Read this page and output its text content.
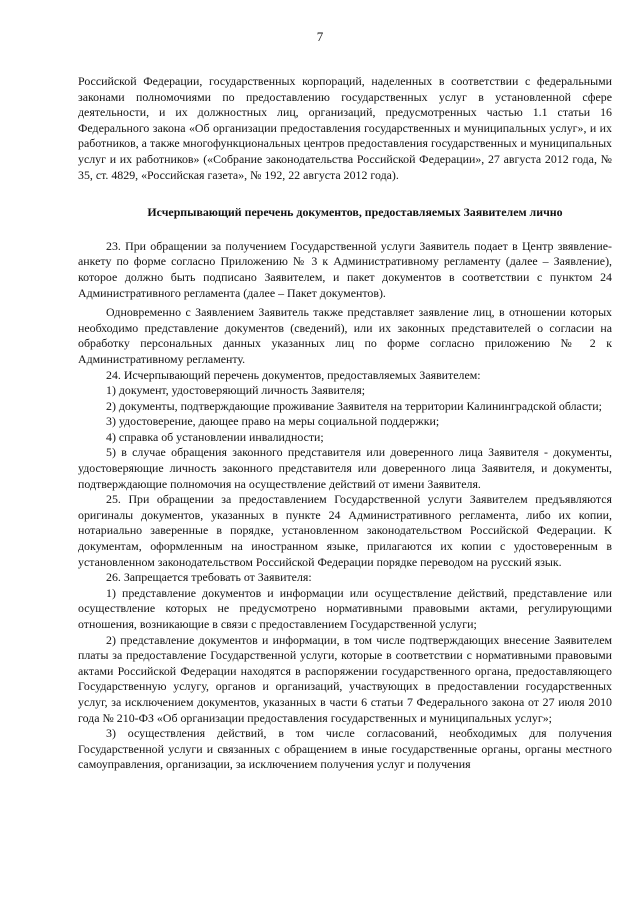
7

Российской Федерации, государственных корпораций, наделенных в соответствии с федеральными законами полномочиями по предоставлению государственных услуг в установленной сфере деятельности, и их должностных лиц, организаций, предусмотренных частью 1.1 статьи 16 Федерального закона «Об организации предоставления государственных и муниципальных услуг», и их работников, а также многофункциональных центров предоставления государственных и муниципальных услуг и их работников» («Собрание законодательства Российской Федерации», 27 августа 2012 года, № 35, ст. 4829, «Российская газета», № 192, 22 августа 2012 года).

Исчерпывающий перечень документов, предоставляемых Заявителем лично

23. При обращении за получением Государственной услуги Заявитель подает в Центр звявление-анкету по форме согласно Приложению № 3 к Административному регламенту (далее – Заявление), которое должно быть подписано Заявителем, и пакет документов в соответствии с пунктом 24 Административного регламента (далее – Пакет документов).

Одновременно с Заявлением Заявитель также представляет заявление лиц, в отношении которых необходимо представление документов (сведений), или их законных представителей о согласии на обработку персональных данных указанных лиц по форме согласно приложению № 2 к Административному регламенту.

24. Исчерпывающий перечень документов, предоставляемых Заявителем:

1) документ, удостоверяющий личность Заявителя;

2) документы, подтверждающие проживание Заявителя на территории Калининградской области;

3) удостоверение, дающее право на меры социальной поддержки;

4) справка об установлении инвалидности;

5) в случае обращения законного представителя или доверенного лица Заявителя - документы, удостоверяющие личность законного представителя или доверенного лица Заявителя, и документы, подтверждающие полномочия на осуществление действий от имени Заявителя.

25. При обращении за предоставлением Государственной услуги Заявителем предъявляются оригиналы документов, указанных в пункте 24 Административного регламента, либо их копии, нотариально заверенные в порядке, установленном законодательством Российской Федерации. К документам, оформленным на иностранном языке, прилагаются их копии с удостоверенным в установленном законодательством Российской Федерации порядке переводом на русский язык.

26. Запрещается требовать от Заявителя:

1) представление документов и информации или осуществление действий, представление или осуществление которых не предусмотрено нормативными правовыми актами, регулирующими отношения, возникающие в связи с предоставлением Государственной услуги;

2) представление документов и информации, в том числе подтверждающих внесение Заявителем платы за предоставление Государственной услуги, которые в соответствии с нормативными правовыми актами Российской Федерации находятся в распоряжении государственного органа, предоставляющего Государственную услугу, органов и организаций, участвующих в предоставлении государственных услуг, за исключением документов, указанных в части 6 статьи 7 Федерального закона от 27 июля 2010 года № 210-ФЗ «Об организации предоставления государственных и муниципальных услуг»;

3) осуществления действий, в том числе согласований, необходимых для получения Государственной услуги и связанных с обращением в иные государственные органы, органы местного самоуправления, организации, за исключением получения услуг и получения
